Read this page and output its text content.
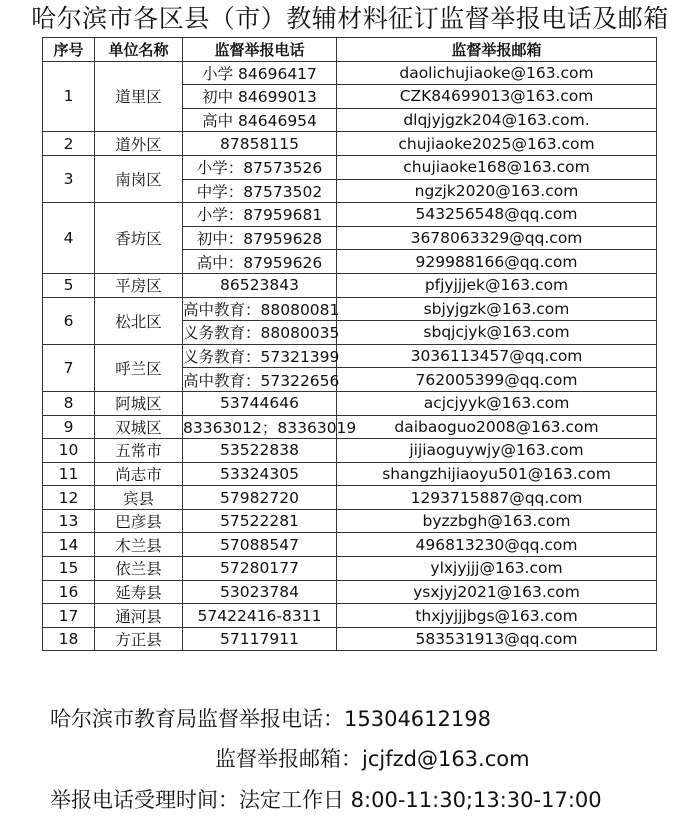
哈尔滨市各区县（市）教辅材料征订监督举报电话及邮箱
序号	单位名称	监督举报电话	监督举报邮箱
1	道里区	小学 84696417	daolichujiaoke@163.com
		初中 84699013	CZK84699013@163.com
		高中 84646954	dlqjyjgzk204@163.com.
2	道外区	87858115	chujiaoke2025@163.com
3	南岗区	小学：87573526	chujiaoke168@163.com
		中学：87573502	ngzjk2020@163.com
4	香坊区	小学：87959681	543256548@qq.com
		初中：87959628	3678063329@qq.com
		高中：87959626	929988166@qq.com
5	平房区	86523843	pfjyjjjek@163.com
6	松北区	高中教育：88080081	sbjyjgzk@163.com
		义务教育：88080035	sbqjcjyk@163.com
7	呼兰区	义务教育：57321399	3036113457@qq.com
		高中教育：57322656	762005399@qq.com
8	阿城区	53744646	acjcjyyk@163.com
9	双城区	83363012；83363019	daibaoguo2008@163.com
10	五常市	53522838	jijiaoguywjy@163.com
11	尚志市	53324305	shangzhijiaoyu501@163.com
12	宾县	57982720	1293715887@qq.com
13	巴彦县	57522281	byzzbgh@163.com
14	木兰县	57088547	496813230@qq.com
15	依兰县	57280177	ylxjyjjj@163.com
16	延寿县	53023784	ysxjyj2021@163.com
17	通河县	57422416-8311	thxjyjjjbgs@163.com
18	方正县	57117911	583531913@qq.com
哈尔滨市教育局监督举报电话：15304612198
监督举报邮箱：jcjfzd@163.com
举报电话受理时间：法定工作日 8:00-11:30;13:30-17:00
